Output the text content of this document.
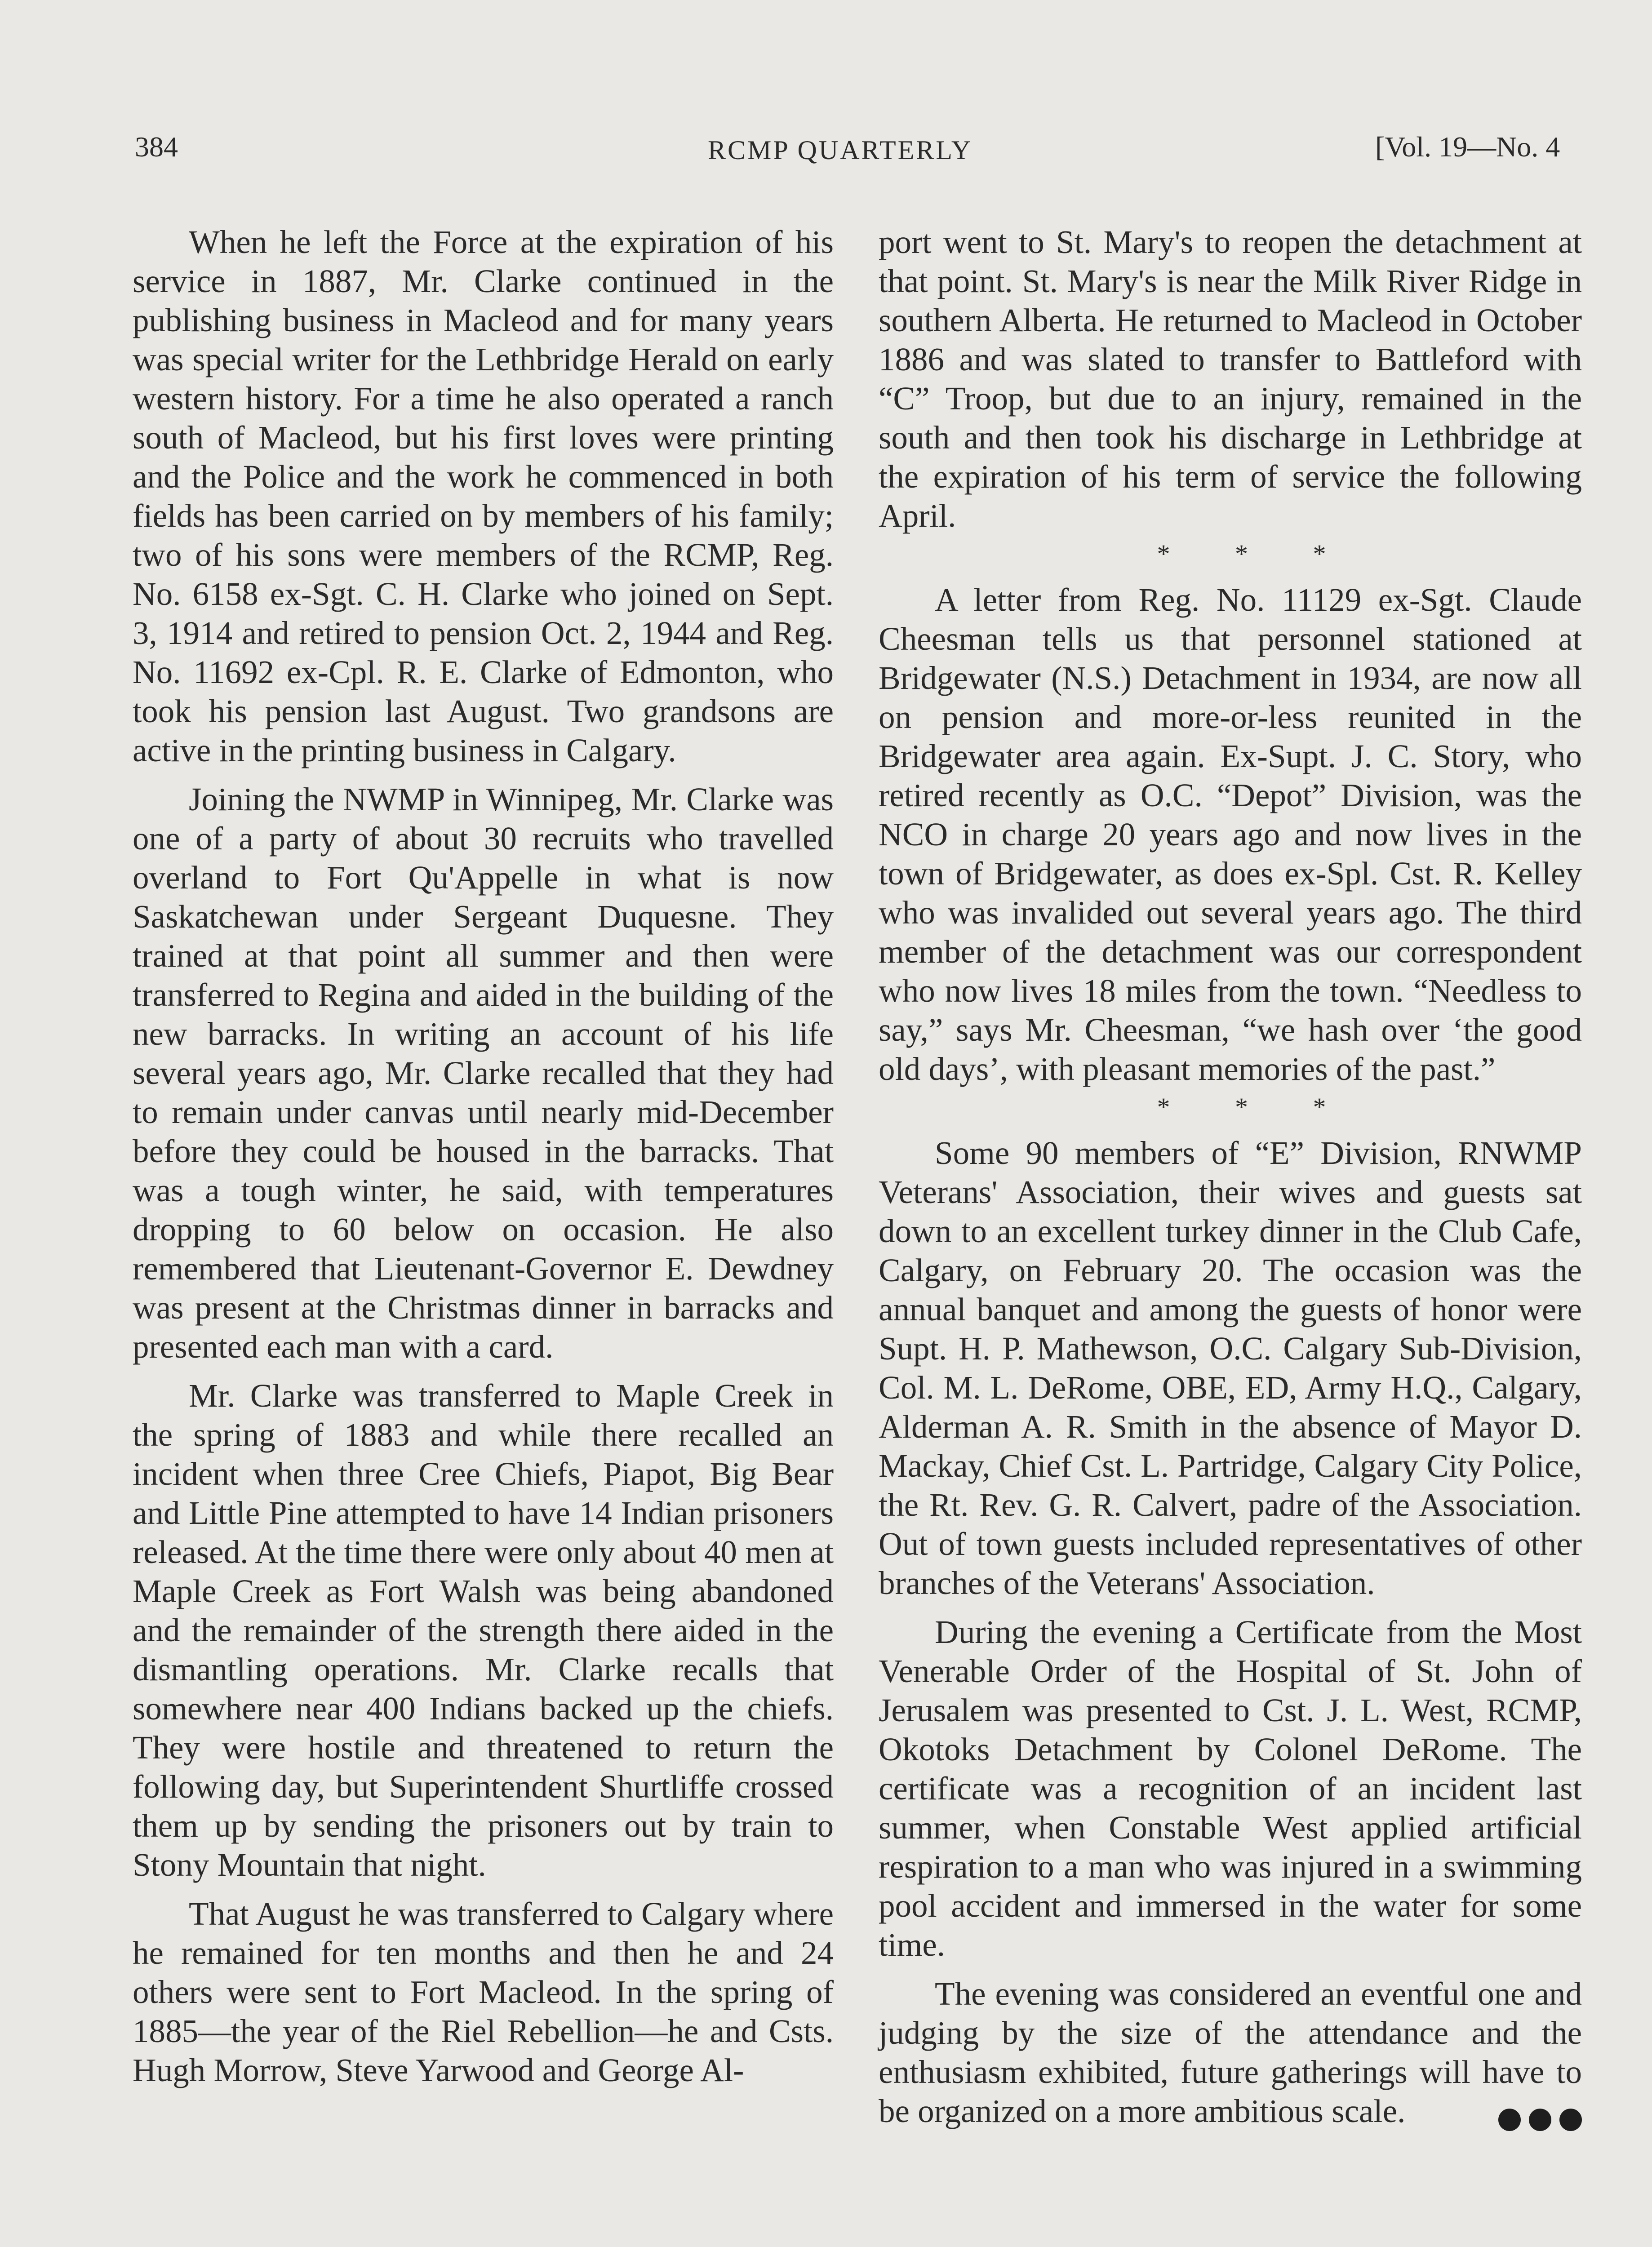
384	RCMP QUARTERLY	[Vol. 19—No. 4

When he left the Force at the expiration of his service in 1887, Mr. Clarke continued in the publishing business in Macleod and for many years was special writer for the Lethbridge Herald on early western history. For a time he also operated a ranch south of Macleod, but his first loves were printing and the Police and the work he commenced in both fields has been carried on by members of his family; two of his sons were members of the RCMP, Reg. No. 6158 ex-Sgt. C. H. Clarke who joined on Sept. 3, 1914 and retired to pension Oct. 2, 1944 and Reg. No. 11692 ex-Cpl. R. E. Clarke of Edmonton, who took his pension last August. Two grandsons are active in the printing business in Calgary.

Joining the NWMP in Winnipeg, Mr. Clarke was one of a party of about 30 recruits who travelled overland to Fort Qu'Appelle in what is now Saskatchewan under Sergeant Duquesne. They trained at that point all summer and then were transferred to Regina and aided in the building of the new barracks. In writing an account of his life several years ago, Mr. Clarke recalled that they had to remain under canvas until nearly mid-December before they could be housed in the barracks. That was a tough winter, he said, with temperatures dropping to 60 below on occasion. He also remembered that Lieutenant-Governor E. Dewdney was present at the Christmas dinner in barracks and presented each man with a card.

Mr. Clarke was transferred to Maple Creek in the spring of 1883 and while there recalled an incident when three Cree Chiefs, Piapot, Big Bear and Little Pine attempted to have 14 Indian prisoners released. At the time there were only about 40 men at Maple Creek as Fort Walsh was being abandoned and the remainder of the strength there aided in the dismantling operations. Mr. Clarke recalls that somewhere near 400 Indians backed up the chiefs. They were hostile and threatened to return the following day, but Superintendent Shurtliffe crossed them up by sending the prisoners out by train to Stony Mountain that night.

That August he was transferred to Calgary where he remained for ten months and then he and 24 others were sent to Fort Macleod. In the spring of 1885—the year of the Riel Rebellion—he and Csts. Hugh Morrow, Steve Yarwood and George Al-

port went to St. Mary's to reopen the detachment at that point. St. Mary's is near the Milk River Ridge in southern Alberta. He returned to Macleod in October 1886 and was slated to transfer to Battleford with “C” Troop, but due to an injury, remained in the south and then took his discharge in Lethbridge at the expiration of his term of service the following April.

* * *

A letter from Reg. No. 11129 ex-Sgt. Claude Cheesman tells us that personnel stationed at Bridgewater (N.S.) Detachment in 1934, are now all on pension and more-or-less reunited in the Bridgewater area again. Ex-Supt. J. C. Story, who retired recently as O.C. “Depot” Division, was the NCO in charge 20 years ago and now lives in the town of Bridgewater, as does ex-Spl. Cst. R. Kelley who was invalided out several years ago. The third member of the detachment was our correspondent who now lives 18 miles from the town. “Needless to say,” says Mr. Cheesman, “we hash over ‘the good old days’, with pleasant memories of the past.”

* * *

Some 90 members of “E” Division, RNWMP Veterans' Association, their wives and guests sat down to an excellent turkey dinner in the Club Cafe, Calgary, on February 20. The occasion was the annual banquet and among the guests of honor were Supt. H. P. Mathewson, O.C. Calgary Sub-Division, Col. M. L. DeRome, OBE, ED, Army H.Q., Calgary, Alderman A. R. Smith in the absence of Mayor D. Mackay, Chief Cst. L. Partridge, Calgary City Police, the Rt. Rev. G. R. Calvert, padre of the Association. Out of town guests included representatives of other branches of the Veterans' Association.

During the evening a Certificate from the Most Venerable Order of the Hospital of St. John of Jerusalem was presented to Cst. J. L. West, RCMP, Okotoks Detachment by Colonel DeRome. The certificate was a recognition of an incident last summer, when Constable West applied artificial respiration to a man who was injured in a swimming pool accident and immersed in the water for some time.

The evening was considered an eventful one and judging by the size of the attendance and the enthusiasm exhibited, future gatherings will have to be organized on a more ambitious scale.
